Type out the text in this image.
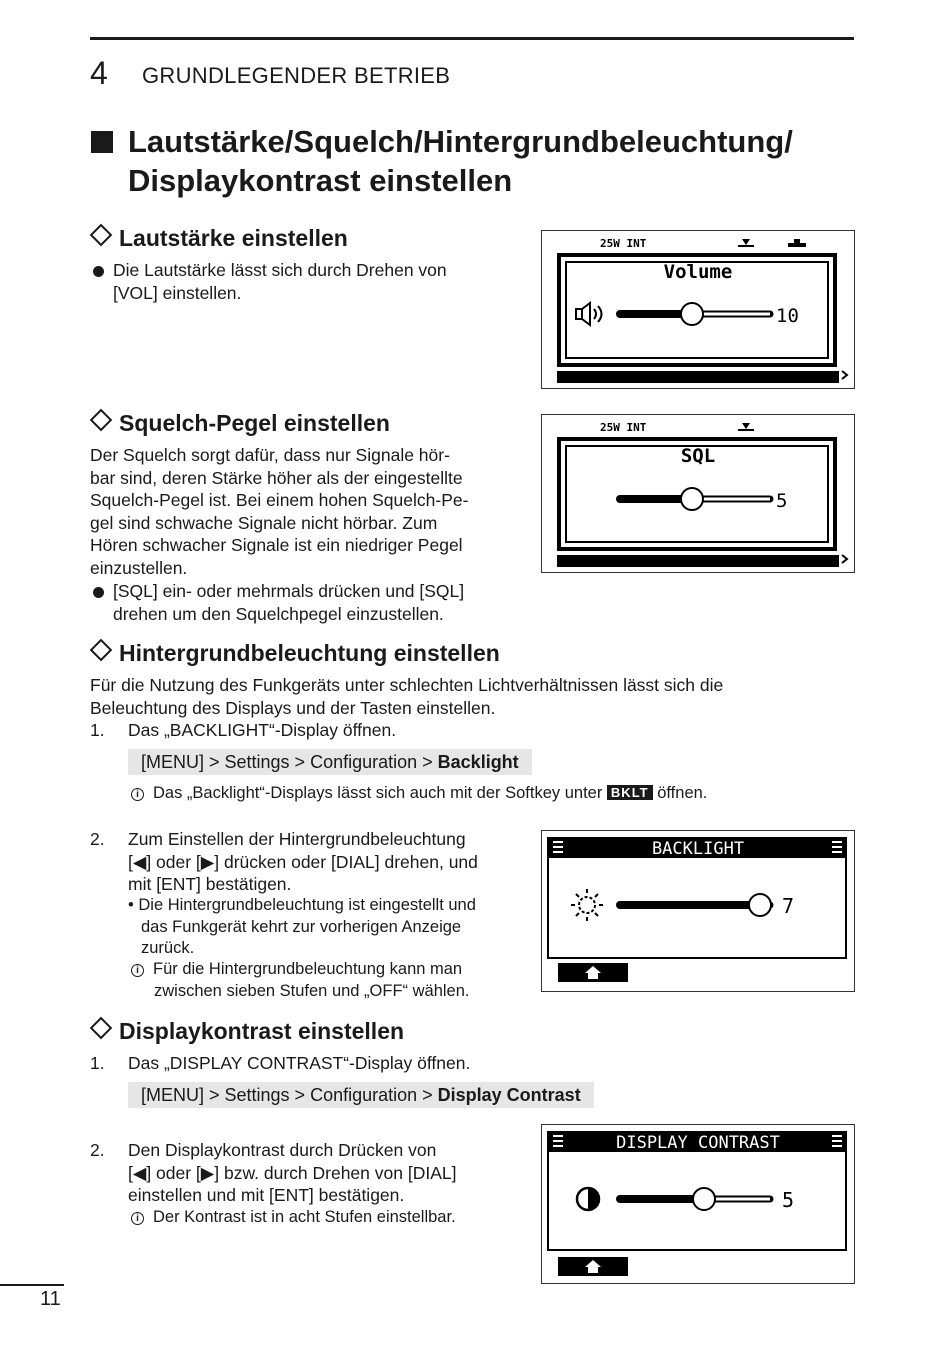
4 GRUNDLEGENDER BETRIEB
Lautstärke/Squelch/Hintergrundbeleuchtung/
Displaykontrast einstellen
Lautstärke einstellen
Die Lautstärke lässt sich durch Drehen von
[VOL] einstellen.
25W INT
Volume
10
Squelch-Pegel einstellen
Der Squelch sorgt dafür, dass nur Signale hör-
bar sind, deren Stärke höher als der eingestellte
Squelch-Pegel ist. Bei einem hohen Squelch-Pe-
gel sind schwache Signale nicht hörbar. Zum
Hören schwacher Signale ist ein niedriger Pegel
einzustellen.
[SQL] ein- oder mehrmals drücken und [SQL]
drehen um den Squelchpegel einzustellen.
25W INT
SQL
5
Hintergrundbeleuchtung einstellen
Für die Nutzung des Funkgeräts unter schlechten Lichtverhältnissen lässt sich die
Beleuchtung des Displays und der Tasten einstellen.
1. Das „BACKLIGHT“-Display öffnen.
[MENU] > Settings > Configuration > Backlight
i Das „Backlight“-Displays lässt sich auch mit der Softkey unter BKLT öffnen.
2. Zum Einstellen der Hintergrundbeleuchtung
[◀] oder [▶] drücken oder [DIAL] drehen, und
mit [ENT] bestätigen.
• Die Hintergrundbeleuchtung ist eingestellt und
das Funkgerät kehrt zur vorherigen Anzeige
zurück.
i Für die Hintergrundbeleuchtung kann man
zwischen sieben Stufen und „OFF“ wählen.
BACKLIGHT
7
Displaykontrast einstellen
1. Das „DISPLAY CONTRAST“-Display öffnen.
[MENU] > Settings > Configuration > Display Contrast
2. Den Displaykontrast durch Drücken von
[◀] oder [▶] bzw. durch Drehen von [DIAL]
einstellen und mit [ENT] bestätigen.
i Der Kontrast ist in acht Stufen einstellbar.
DISPLAY CONTRAST
5
11
